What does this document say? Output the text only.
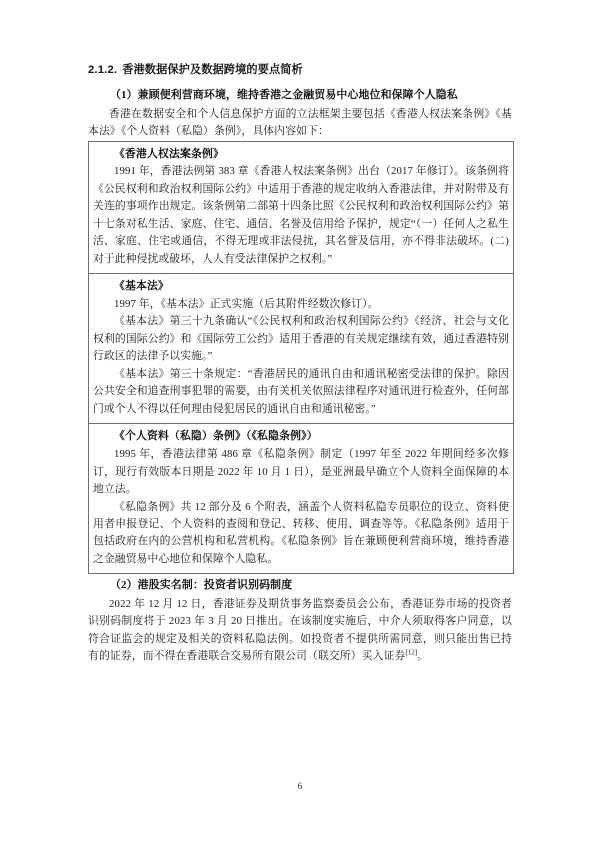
2.1.2. 香港数据保护及数据跨境的要点简析
（1）兼顾便利营商环境，维持香港之金融贸易中心地位和保障个人隐私

香港在数据安全和个人信息保护方面的立法框架主要包括《香港人权法案条例》《基本法》《个人资料（私隐）条例》，具体内容如下：

《香港人权法案条例》

1991 年，香港法例第 383 章《香港人权法案条例》出台（2017 年修订）。该条例将《公民权利和政治权利国际公约》中适用于香港的规定收纳入香港法律，并对附带及有关连的事项作出规定。该条例第二部第十四条比照《公民权利和政治权利国际公约》第十七条对私生活、家庭、住宅、通信、名誉及信用给予保护，规定“（一）任何人之私生活、家庭、住宅或通信，不得无理或非法侵扰，其名誉及信用，亦不得非法破坏。(二)对于此种侵扰或破坏，人人有受法律保护之权利。”

《基本法》

1997 年，《基本法》正式实施（后其附件经数次修订）。

《基本法》第三十九条确认“《公民权利和政治权利国际公约》《经济、社会与文化权利的国际公约》和《国际劳工公约》适用于香港的有关规定继续有效，通过香港特别行政区的法律予以实施。”

《基本法》第三十条规定：“香港居民的通讯自由和通讯秘密受法律的保护。除因公共安全和追查刑事犯罪的需要，由有关机关依照法律程序对通讯进行检查外，任何部门或个人不得以任何理由侵犯居民的通讯自由和通讯秘密。”

《个人资料（私隐）条例》（《私隐条例》）

1995 年，香港法律第 486 章《私隐条例》制定（1997 年至 2022 年期间经多次修订，现行有效版本日期是 2022 年 10 月 1 日），是亚洲最早确立个人资料全面保障的本地立法。

《私隐条例》共 12 部分及 6 个附表，涵盖个人资料私隐专员职位的设立、资料使用者申报登记、个人资料的查阅和登记、转移、使用、调查等等。《私隐条例》适用于包括政府在内的公营机构和私营机构。《私隐条例》旨在兼顾便利营商环境，维持香港之金融贸易中心地位和保障个人隐私。

（2）港股实名制：投资者识别码制度

2022 年 12 月 12 日，香港证券及期货事务监察委员会公布，香港证券市场的投资者识别码制度将于 2023 年 3 月 20 日推出。在该制度实施后，中介人须取得客户同意，以符合证监会的规定及相关的资料私隐法例。如投资者不提供所需同意，则只能出售已持有的证券，而不得在香港联合交易所有限公司（联交所）买入证券[12]。

6
